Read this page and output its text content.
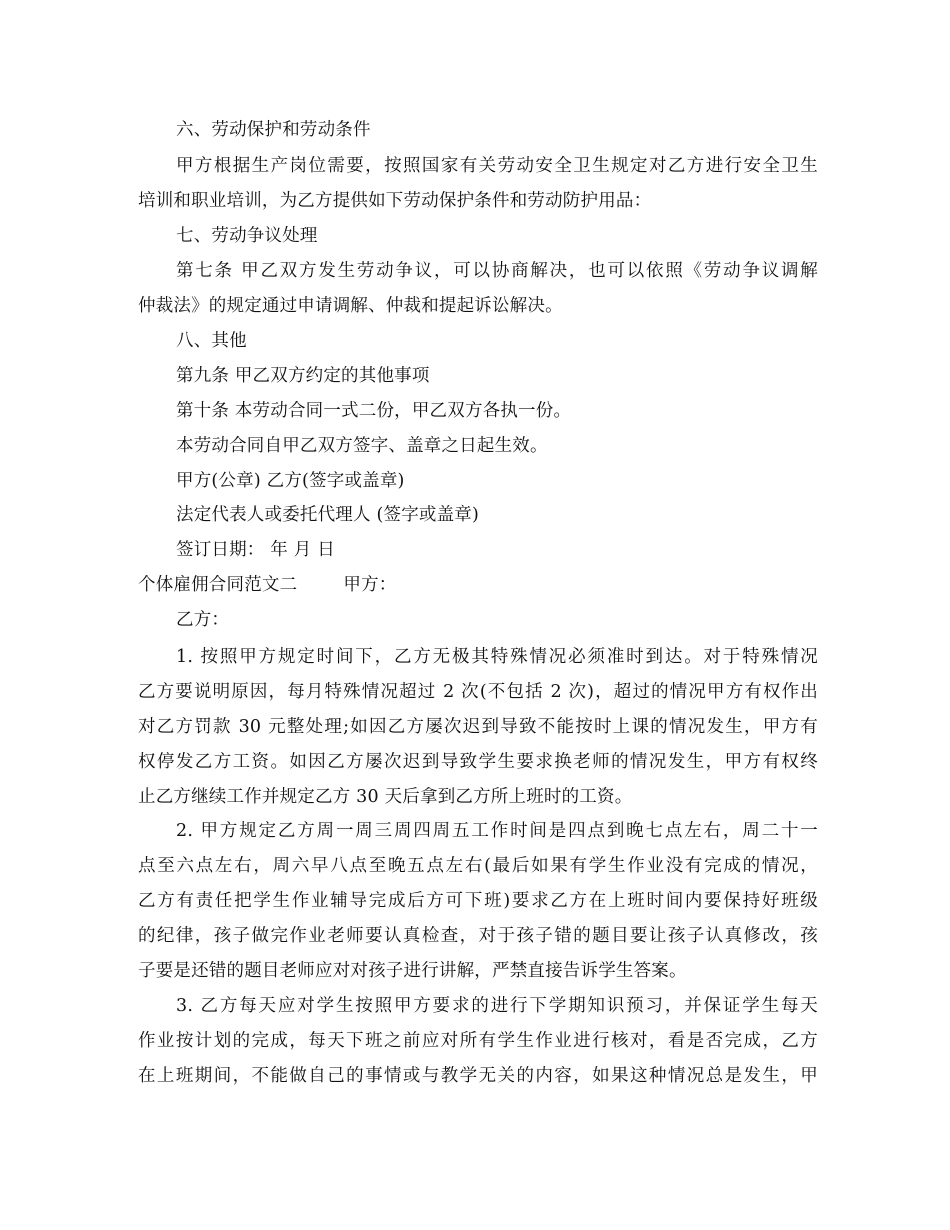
六、劳动保护和劳动条件
甲方根据生产岗位需要，按照国家有关劳动安全卫生规定对乙方进行安全卫生
培训和职业培训，为乙方提供如下劳动保护条件和劳动防护用品：
七、劳动争议处理
第七条 甲乙双方发生劳动争议，可以协商解决，也可以依照《劳动争议调解
仲裁法》的规定通过申请调解、仲裁和提起诉讼解决。
八、其他
第九条 甲乙双方约定的其他事项
第十条 本劳动合同一式二份，甲乙双方各执一份。
本劳动合同自甲乙双方签字、盖章之日起生效。
甲方(公章) 乙方(签字或盖章)
法定代表人或委托代理人 (签字或盖章)
签订日期： 年 月 日
个体雇佣合同范文二        甲方：
乙方：
1. 按照甲方规定时间下，乙方无极其特殊情况必须准时到达。对于特殊情况
乙方要说明原因，每月特殊情况超过 2 次(不包括 2 次)，超过的情况甲方有权作出
对乙方罚款 30 元整处理;如因乙方屡次迟到导致不能按时上课的情况发生，甲方有
权停发乙方工资。如因乙方屡次迟到导致学生要求换老师的情况发生，甲方有权终
止乙方继续工作并规定乙方 30 天后拿到乙方所上班时的工资。
2. 甲方规定乙方周一周三周四周五工作时间是四点到晚七点左右，周二十一
点至六点左右，周六早八点至晚五点左右(最后如果有学生作业没有完成的情况，
乙方有责任把学生作业辅导完成后方可下班)要求乙方在上班时间内要保持好班级
的纪律，孩子做完作业老师要认真检查，对于孩子错的题目要让孩子认真修改，孩
子要是还错的题目老师应对对孩子进行讲解，严禁直接告诉学生答案。
3. 乙方每天应对学生按照甲方要求的进行下学期知识预习，并保证学生每天
作业按计划的完成，每天下班之前应对所有学生作业进行核对，看是否完成，乙方
在上班期间，不能做自己的事情或与教学无关的内容，如果这种情况总是发生，甲
